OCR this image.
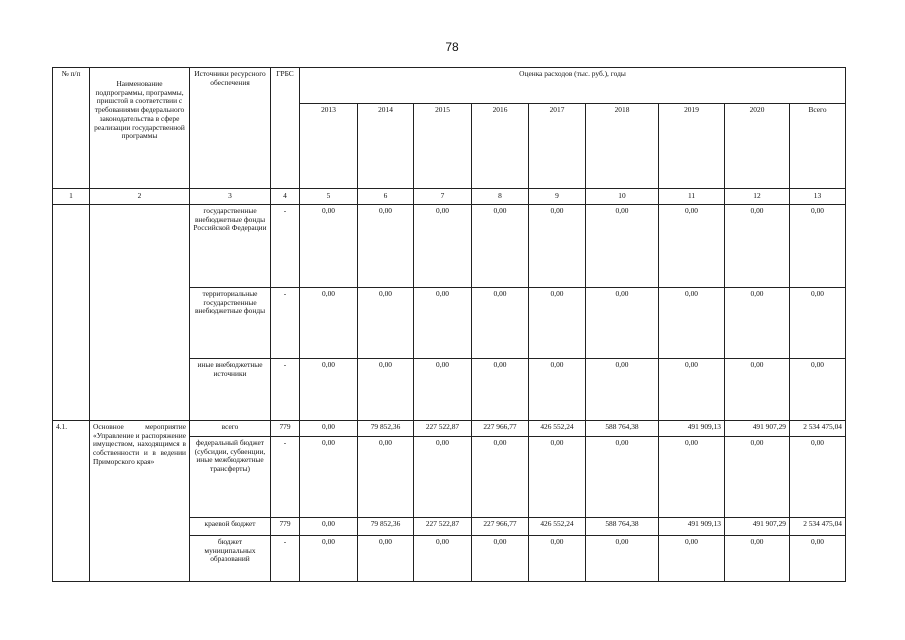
78
№ п/п	Наименование подпрограммы, программы, пришстой в соответствии с требованиями федерального законодательства в сфере реализации государственной программы	Источники ресурсного обеспечения	ГРБС	Оценка расходов (тыс. руб.), годы								
				2013	2014	2015	2016	2017	2018	2019	2020	Всего
1	2	3	4	5	6	7	8	9	10	11	12	13
		государственные внебюджетные фонды Российской Федерации	-	0,00	0,00	0,00	0,00	0,00	0,00	0,00	0,00	0,00
		территориальные государственные внебюджетные фонды	-	0,00	0,00	0,00	0,00	0,00	0,00	0,00	0,00	0,00
		иные внебюджетные источники	-	0,00	0,00	0,00	0,00	0,00	0,00	0,00	0,00	0,00
4.1.	Основное мероприятие «Управление и распоряжение имуществом, находящимся в собственности и в ведении Приморского края»	всего	779	0,00	79 852,36	227 522,87	227 966,77	426 552,24	588 764,38	491 909,13	491 907,29	2 534 475,04
		федеральный бюджет (субсидии, субвенции, иные межбюджетные трансферты)	-	0,00	0,00	0,00	0,00	0,00	0,00	0,00	0,00	0,00
		краевой бюджет	779	0,00	79 852,36	227 522,87	227 966,77	426 552,24	588 764,38	491 909,13	491 907,29	2 534 475,04
		бюджет муниципальных образований	-	0,00	0,00	0,00	0,00	0,00	0,00	0,00	0,00	0,00
